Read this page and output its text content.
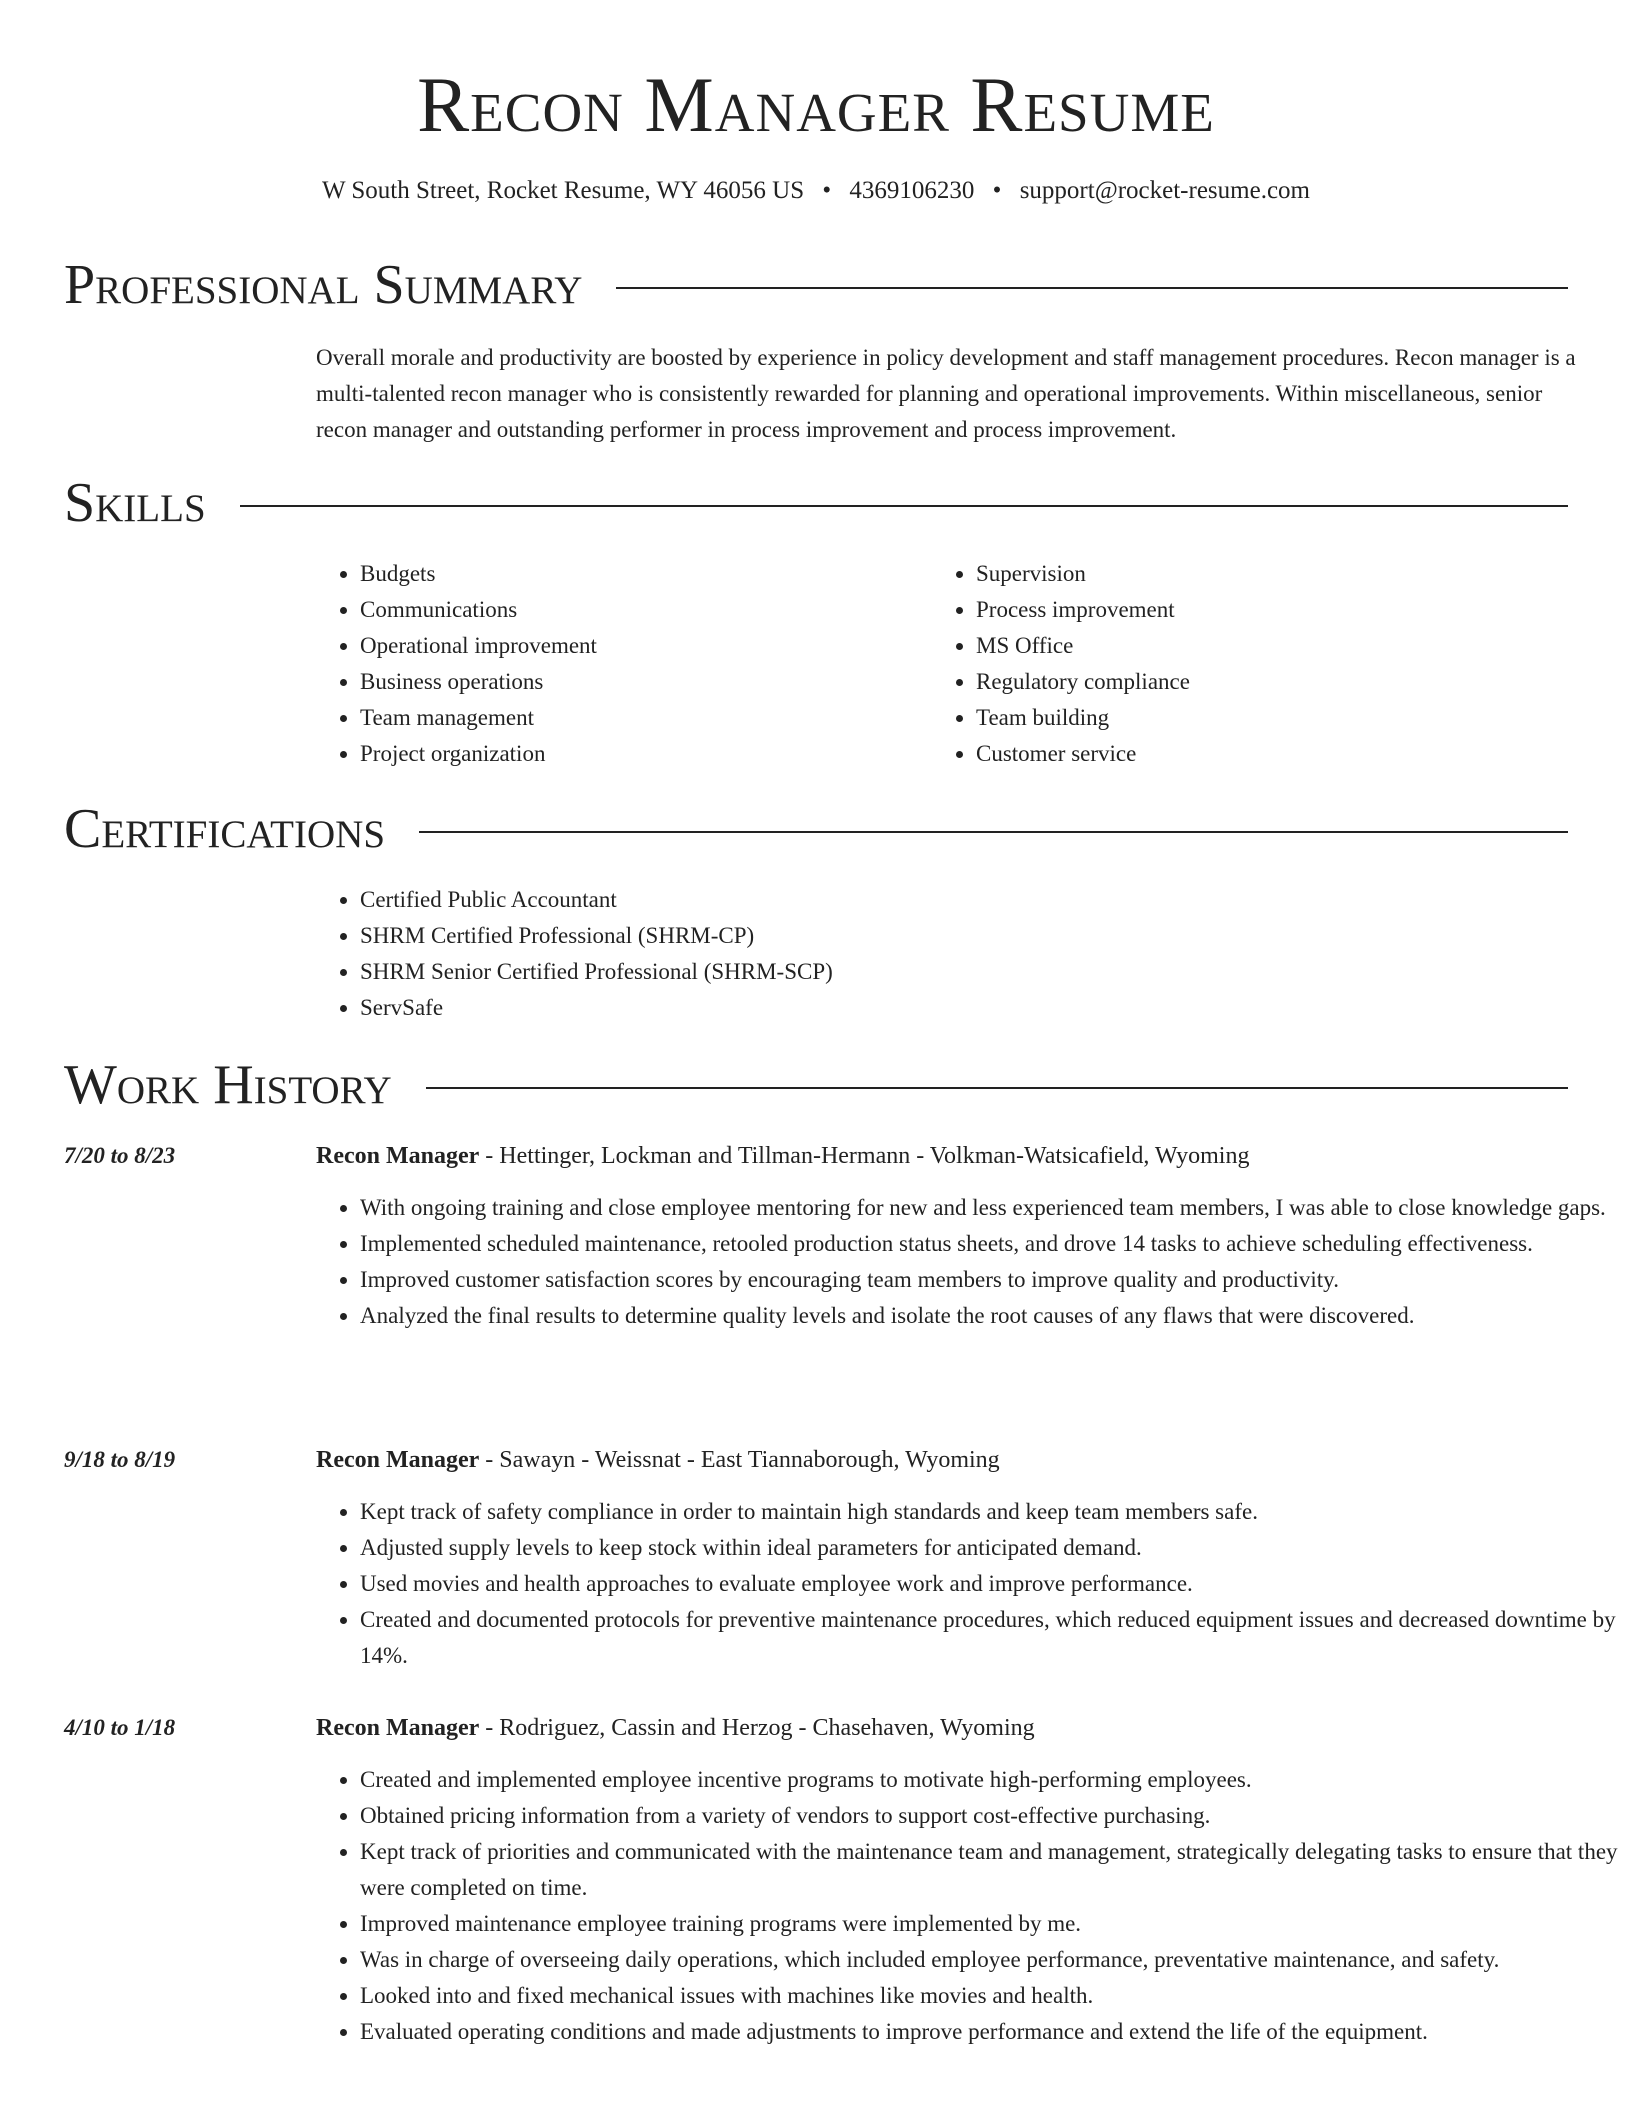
Recon Manager Resume
W South Street, Rocket Resume, WY 46056 US • 4369106230 • support@rocket-resume.com
Professional Summary

Overall morale and productivity are boosted by experience in policy development and staff management procedures. Recon manager is a multi-talented recon manager who is consistently rewarded for planning and operational improvements. Within miscellaneous, senior recon manager and outstanding performer in process improvement and process improvement.

Skills
• Budgets
• Communications
• Operational improvement
• Business operations
• Team management
• Project organization
• Supervision
• Process improvement
• MS Office
• Regulatory compliance
• Team building
• Customer service
Certifications
• Certified Public Accountant
• SHRM Certified Professional (SHRM-CP)
• SHRM Senior Certified Professional (SHRM-SCP)
• ServSafe
Work History
7/20 to 8/23	Recon Manager - Hettinger, Lockman and Tillman-Hermann - Volkman-Watsicafield, Wyoming
• With ongoing training and close employee mentoring for new and less experienced team members, I was able to close knowledge gaps.
• Implemented scheduled maintenance, retooled production status sheets, and drove 14 tasks to achieve scheduling effectiveness.
• Improved customer satisfaction scores by encouraging team members to improve quality and productivity.
• Analyzed the final results to determine quality levels and isolate the root causes of any flaws that were discovered.
9/18 to 8/19	Recon Manager - Sawayn - Weissnat - East Tiannaborough, Wyoming
• Kept track of safety compliance in order to maintain high standards and keep team members safe.
• Adjusted supply levels to keep stock within ideal parameters for anticipated demand.
• Used movies and health approaches to evaluate employee work and improve performance.
• Created and documented protocols for preventive maintenance procedures, which reduced equipment issues and decreased downtime by 14%.
4/10 to 1/18	Recon Manager - Rodriguez, Cassin and Herzog - Chasehaven, Wyoming
• Created and implemented employee incentive programs to motivate high-performing employees.
• Obtained pricing information from a variety of vendors to support cost-effective purchasing.
• Kept track of priorities and communicated with the maintenance team and management, strategically delegating tasks to ensure that they were completed on time.
• Improved maintenance employee training programs were implemented by me.
• Was in charge of overseeing daily operations, which included employee performance, preventative maintenance, and safety.
• Looked into and fixed mechanical issues with machines like movies and health.
• Evaluated operating conditions and made adjustments to improve performance and extend the life of the equipment.
